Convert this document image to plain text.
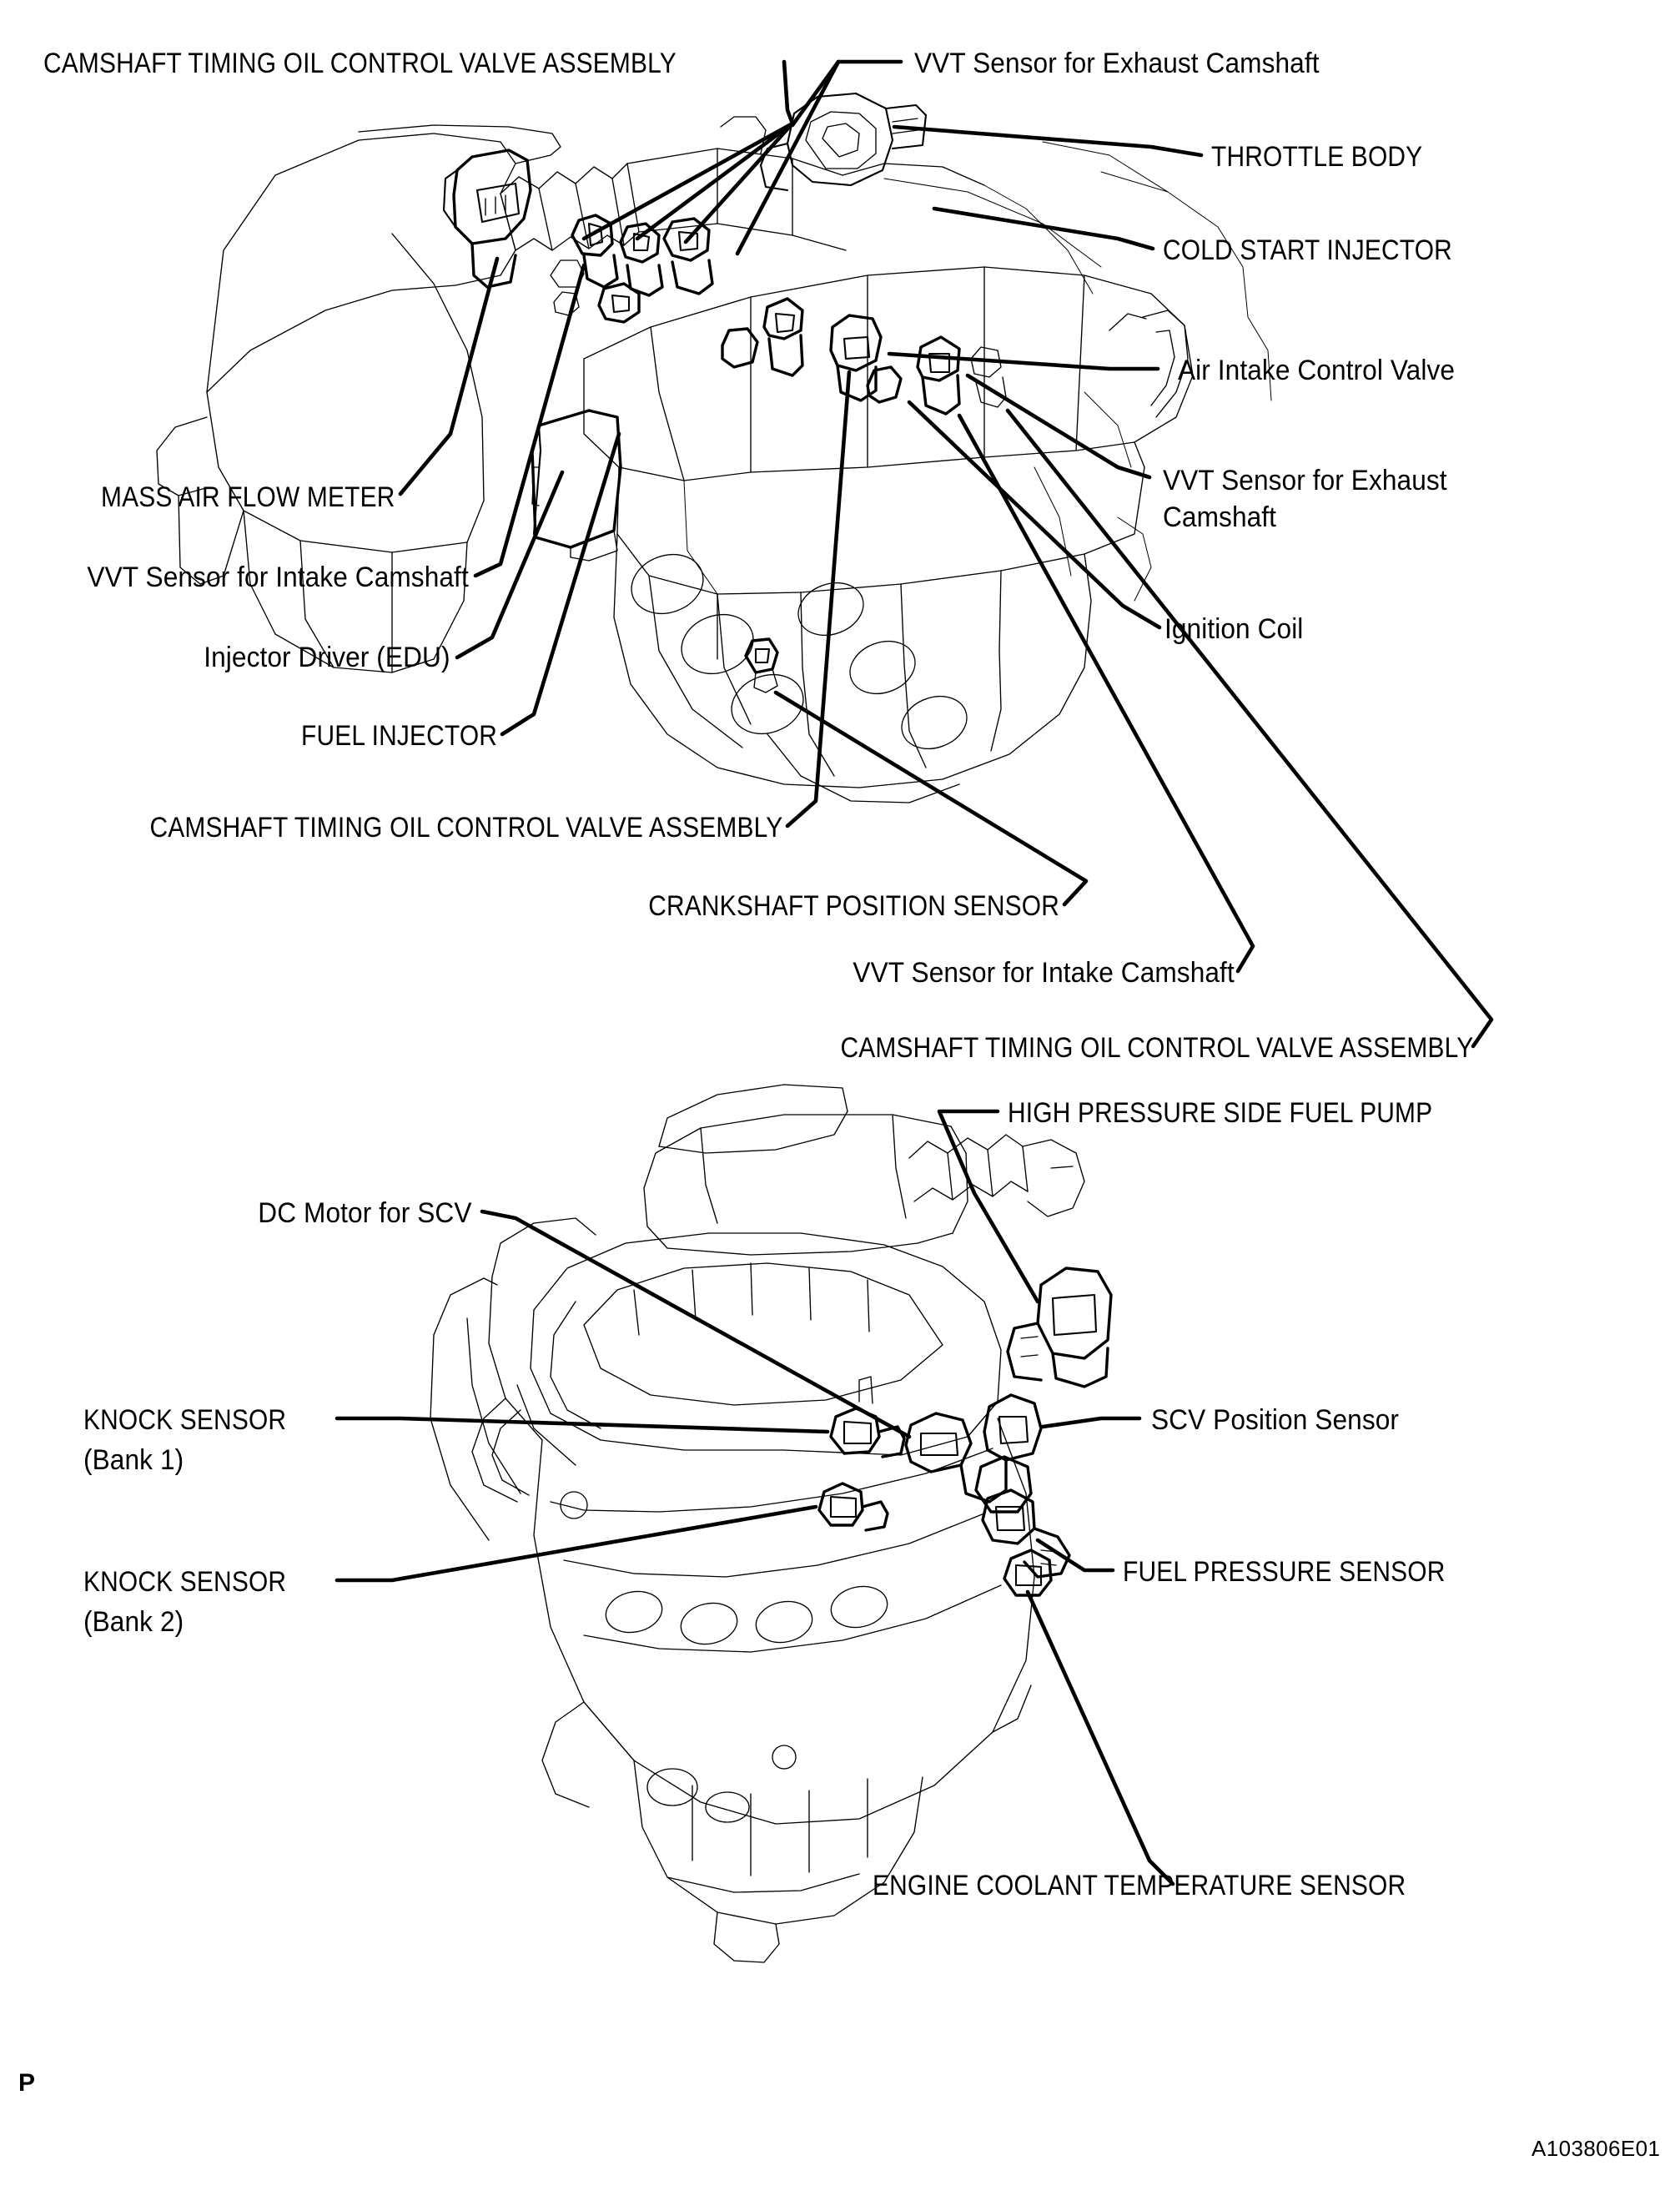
CAMSHAFT TIMING OIL CONTROL VALVE ASSEMBLY	VVT Sensor for Exhaust Camshaft
THROTTLE BODY
COLD START INJECTOR
Air Intake Control Valve
VVT Sensor for Exhaust
Camshaft
Ignition Coil
MASS AIR FLOW METER
VVT Sensor for Intake Camshaft
Injector Driver (EDU)
FUEL INJECTOR
CAMSHAFT TIMING OIL CONTROL VALVE ASSEMBLY
CRANKSHAFT POSITION SENSOR
VVT Sensor for Intake Camshaft
CAMSHAFT TIMING OIL CONTROL VALVE ASSEMBLY
HIGH PRESSURE SIDE FUEL PUMP
DC Motor for SCV
SCV Position Sensor
KNOCK SENSOR
(Bank 1)
KNOCK SENSOR
(Bank 2)
FUEL PRESSURE SENSOR
ENGINE COOLANT TEMPERATURE SENSOR
P
A103806E01
